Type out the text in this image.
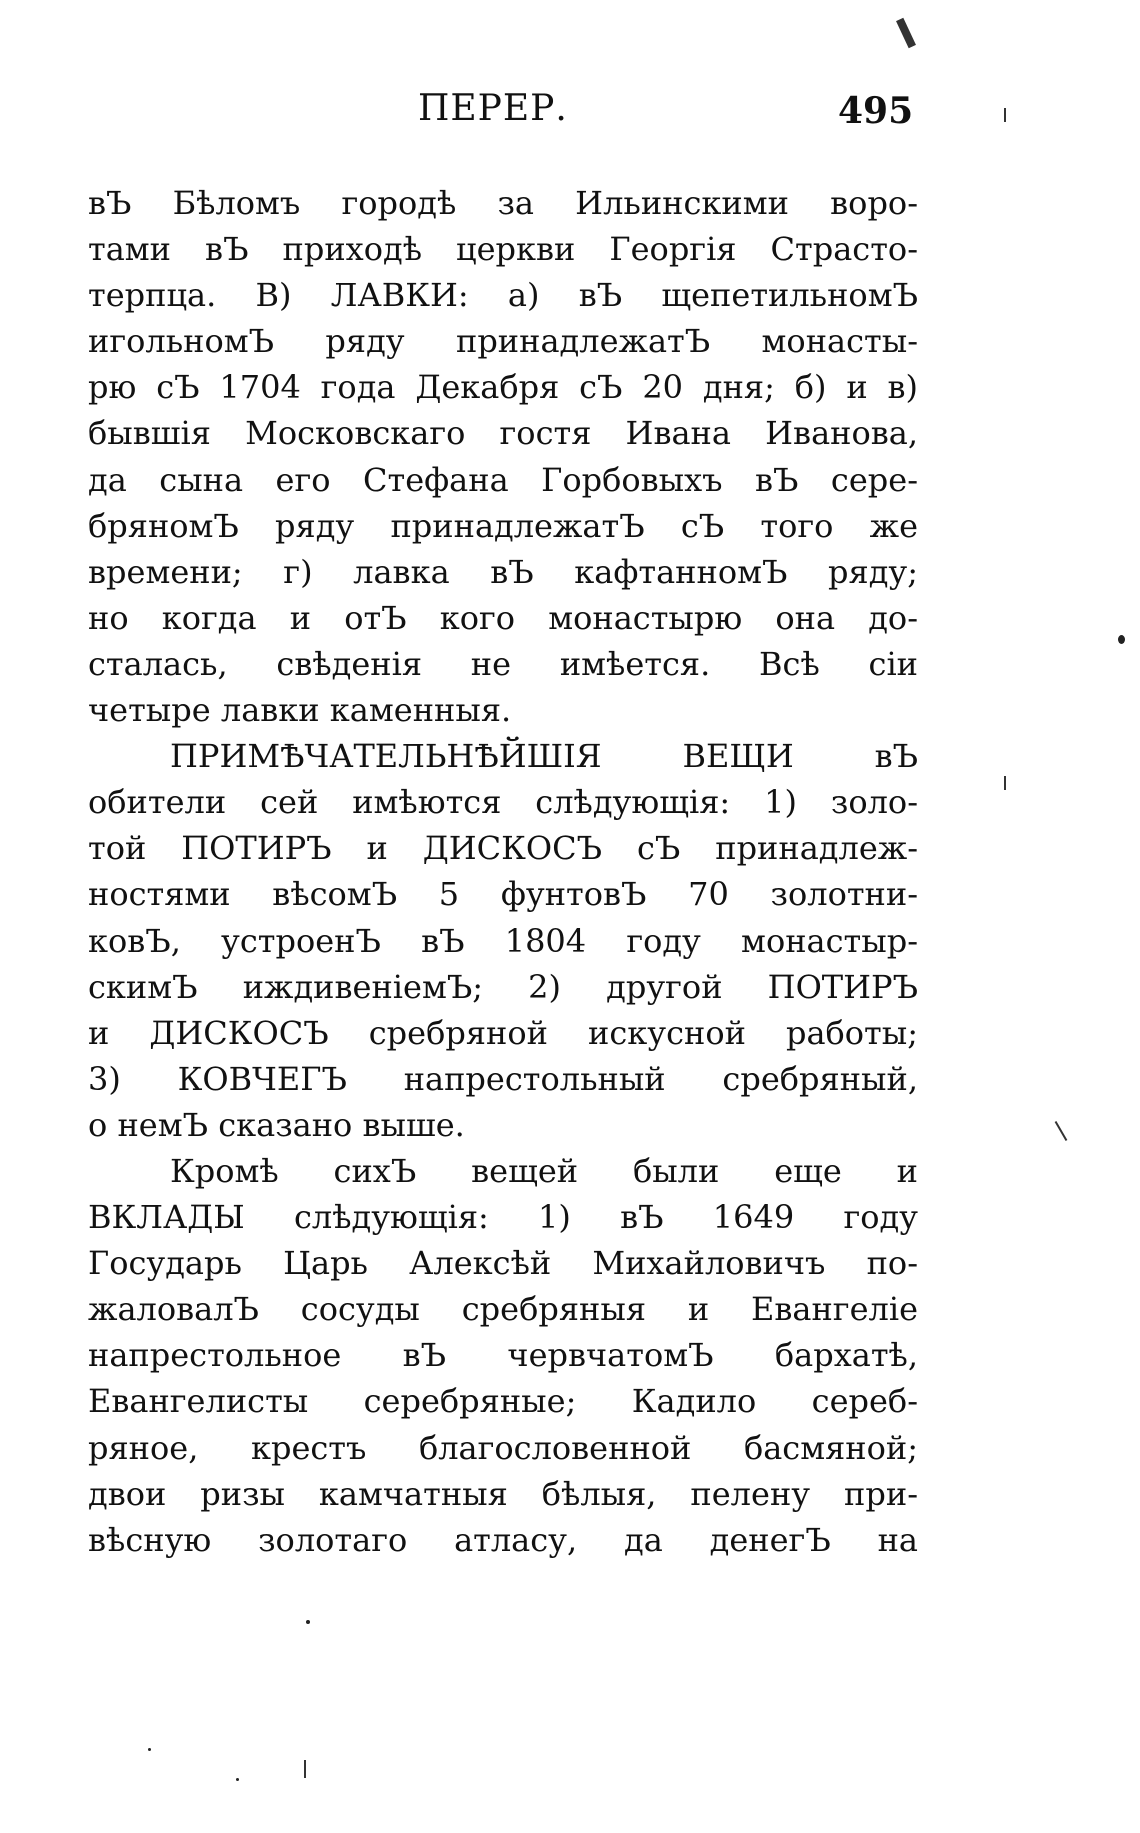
ПЕРЕР.	495
вЪ Бѣломъ городѣ за Ильинскими воро-
тами вЪ приходѣ церкви Георгія Страсто-
терпца. В) ЛАВКИ: а) вЪ щепетильномЪ
игольномЪ ряду принадлежатЪ монасты-
рю сЪ 1704 года Декабря сЪ 20 дня; б) и в)
бывшія Московскаго гостя Ивана Иванова,
да сына его Стефана Горбовыхъ вЪ сере-
бряномЪ ряду принадлежатЪ сЪ того же
времени; г) лавка вЪ кафтанномЪ ряду;
но когда и отЪ кого монастырю она до-
сталась, свѣденія не имѣется. Всѣ сіи
четыре лавки каменныя.
ПРИМѢЧАТЕЛЬНѢЙШІЯ ВЕЩИ вЪ
обители сей имѣются слѣдующія: 1) золо-
той ПОТИРЪ и ДИСКОСЪ сЪ принадлеж-
ностями вѣсомЪ 5 фунтовЪ 70 золотни-
ковЪ, устроенЪ вЪ 1804 году монастыр-
скимЪ иждивеніемЪ; 2) другой ПОТИРЪ
и ДИСКОСЪ сребряной искусной работы;
3) КОВЧЕГЪ напрестольный сребряный,
о немЪ сказано выше.
Кромѣ сихЪ вещей были еще и
ВКЛАДЫ слѣдующія: 1) вЪ 1649 году
Государь Царь Алексѣй Михайловичъ по-
жаловалЪ сосуды сребряныя и Евангеліе
напрестольное вЪ червчатомЪ бархатѣ,
Евангелисты серебряные; Кадило сереб-
ряное, крестъ благословенной басмяной;
двои ризы камчатныя бѣлыя, пелену при-
вѣсную золотаго атласу, да денегЪ на
